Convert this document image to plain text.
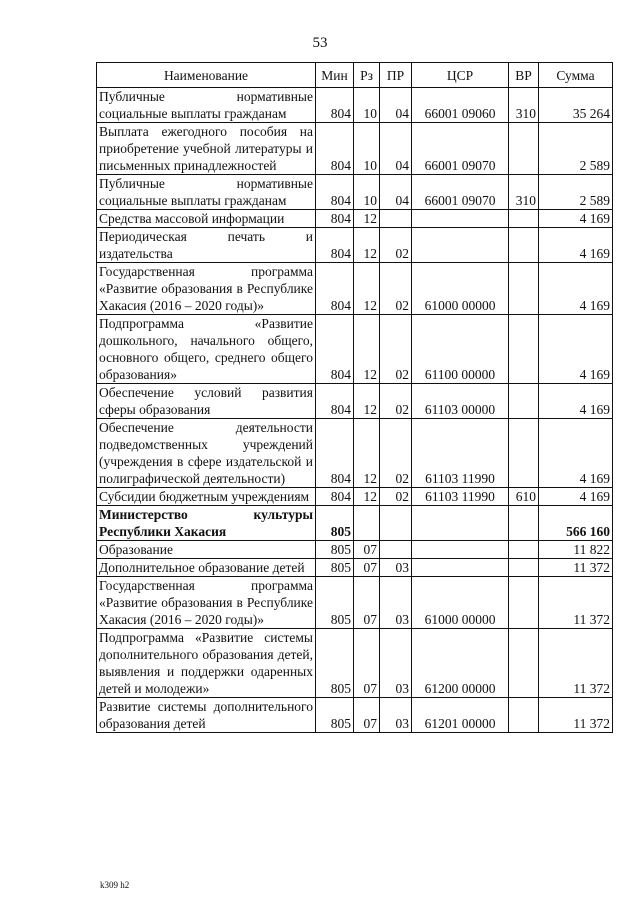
53
Наименование	Мин	Рз	ПР	ЦСР	ВР	Сумма
Публичные нормативные социальные выплаты гражданам	804	10	04	66001 09060	310	35 264
Выплата ежегодного пособия на приобретение учебной литературы и письменных принадлежностей	804	10	04	66001 09070		2 589
Публичные нормативные социальные выплаты гражданам	804	10	04	66001 09070	310	2 589
Средства массовой информации	804	12				4 169
Периодическая печать и издательства	804	12	02			4 169
Государственная программа «Развитие образования в Республике Хакасия (2016 – 2020 годы)»	804	12	02	61000 00000		4 169
Подпрограмма «Развитие дошкольного, начального общего, основного общего, среднего общего образования»	804	12	02	61100 00000		4 169
Обеспечение условий развития сферы образования	804	12	02	61103 00000		4 169
Обеспечение деятельности подведомственных учреждений (учреждения в сфере издательской и полиграфической деятельности)	804	12	02	61103 11990		4 169
Субсидии бюджетным учреждениям	804	12	02	61103 11990	610	4 169
Министерство культуры Республики Хакасия	805					566 160
Образование	805	07				11 822
Дополнительное образование детей	805	07	03			11 372
Государственная программа «Развитие образования в Республике Хакасия (2016 – 2020 годы)»	805	07	03	61000 00000		11 372
Подпрограмма «Развитие системы дополнительного образования детей, выявления и поддержки одаренных детей и молодежи»	805	07	03	61200 00000		11 372
Развитие системы дополнительного образования детей	805	07	03	61201 00000		11 372
k309 h2
